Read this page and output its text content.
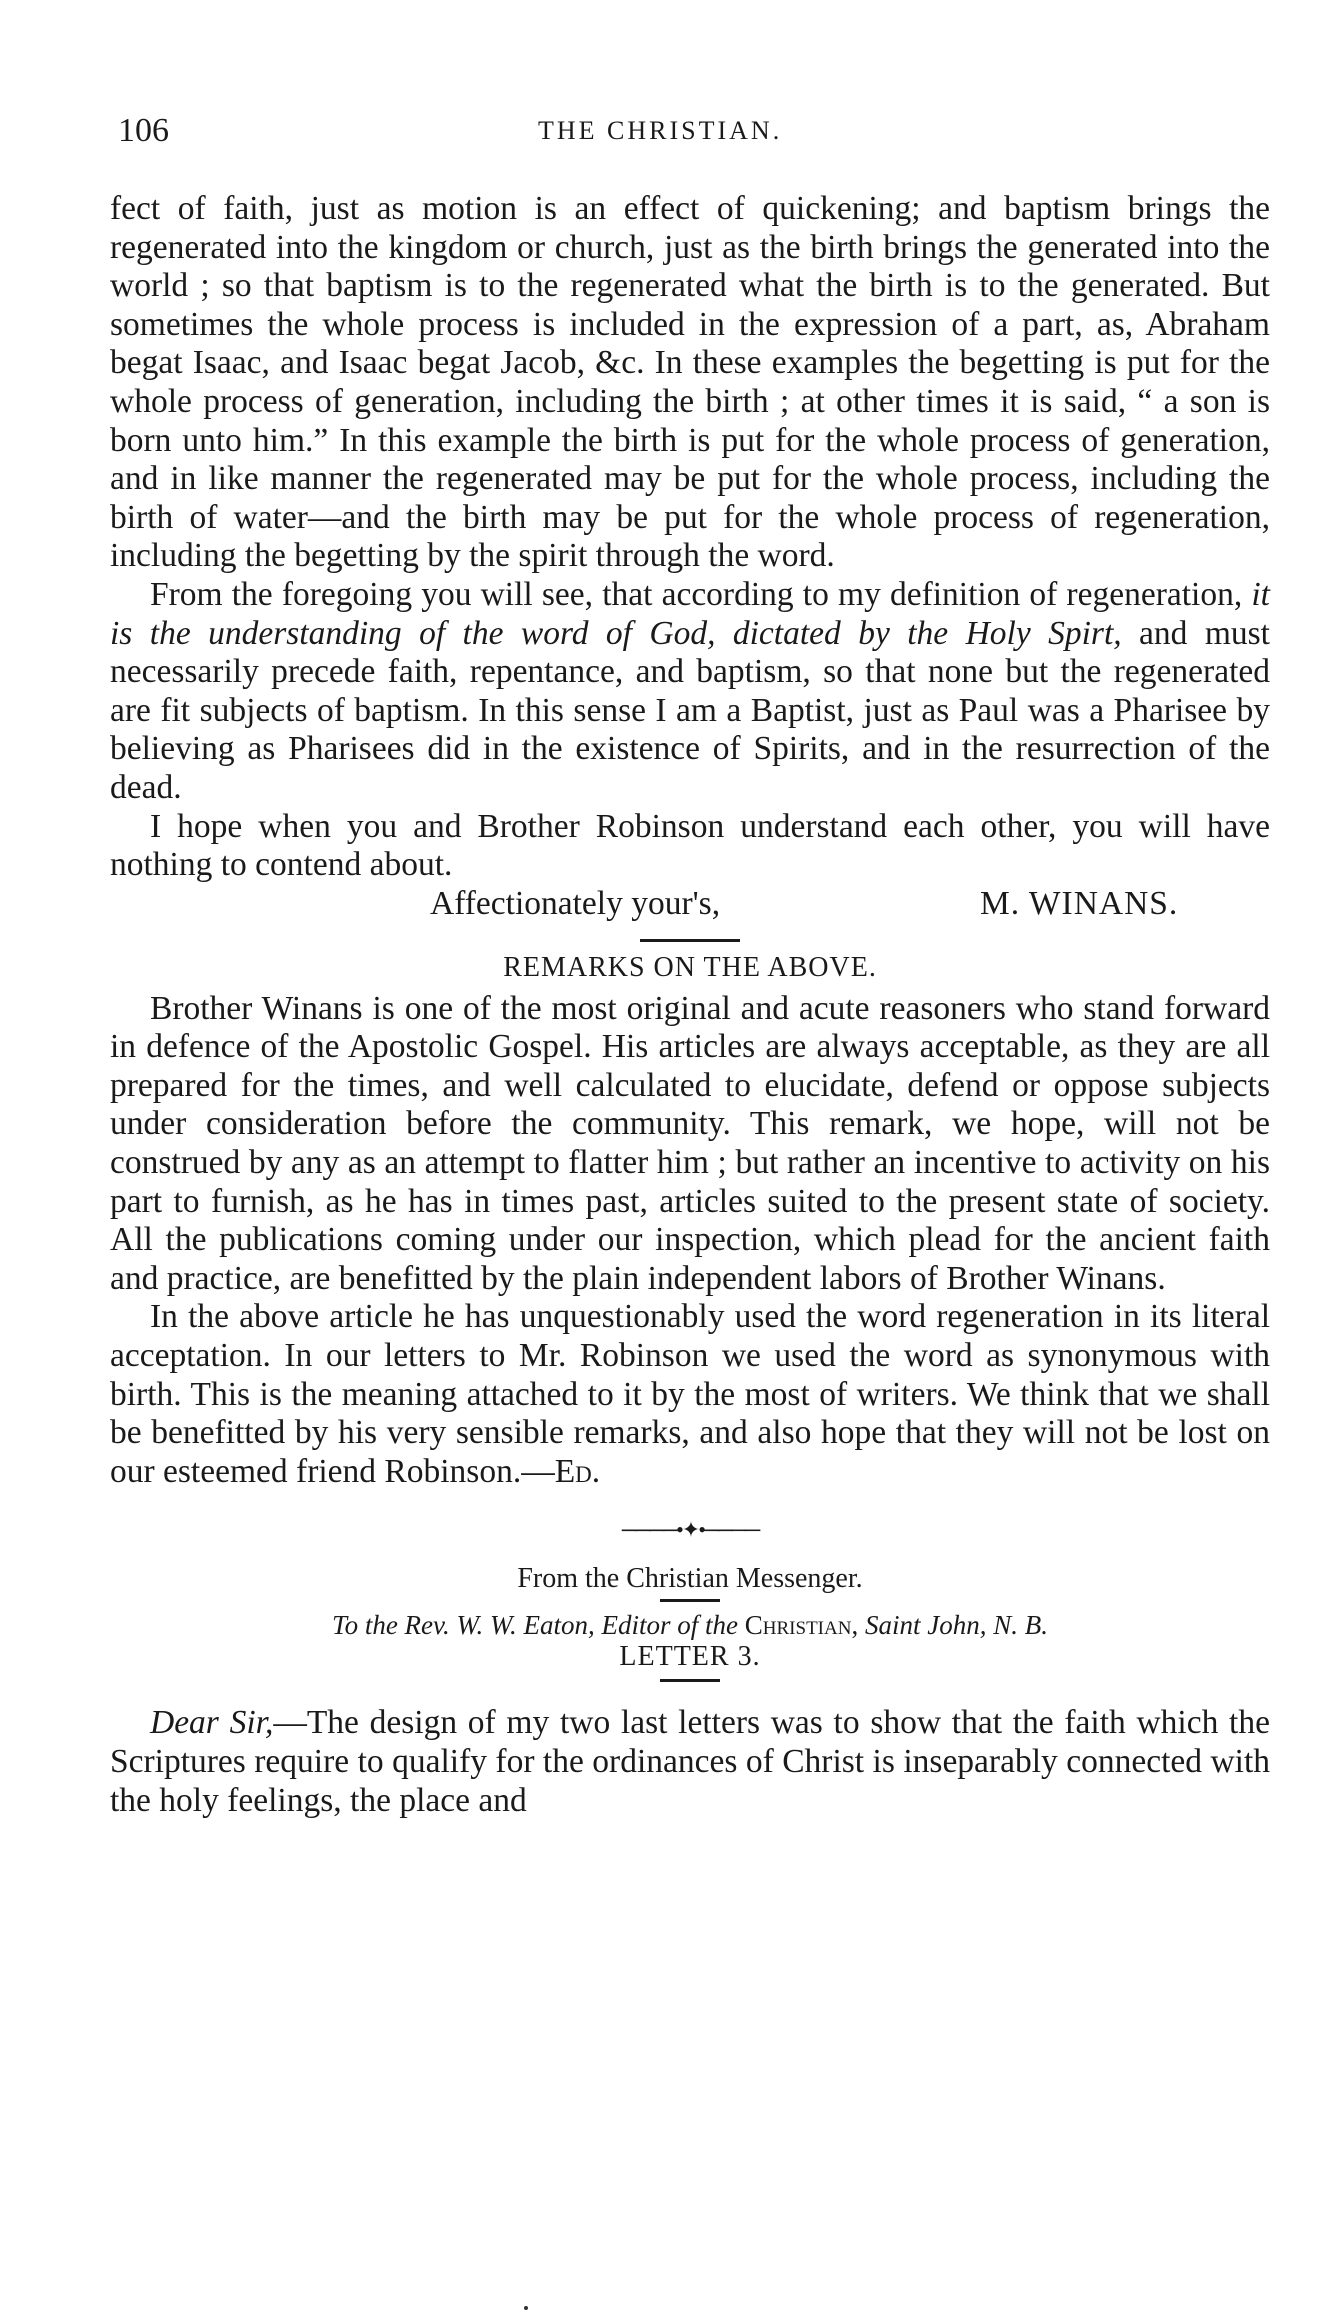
106	THE CHRISTIAN.

fect of faith, just as motion is an effect of quickening; and baptism brings the regenerated into the kingdom or church, just as the birth brings the generated into the world ; so that baptism is to the regenerated what the birth is to the generated. But sometimes the whole process is included in the expression of a part, as, Abraham begat Isaac, and Isaac begat Jacob, &c. In these examples the begetting is put for the whole process of generation, including the birth ; at other times it is said, “ a son is born unto him.” In this example the birth is put for the whole process of generation, and in like manner the regenerated may be put for the whole process, including the birth of water—and the birth may be put for the whole process of regeneration, including the begetting by the spirit through the word.

From the foregoing you will see, that according to my definition of regeneration, it is the understanding of the word of God, dictated by the Holy Spirt, and must necessarily precede faith, repentance, and baptism, so that none but the regenerated are fit subjects of baptism. In this sense I am a Baptist, just as Paul was a Pharisee by believing as Pharisees did in the existence of Spirits, and in the resurrection of the dead.

I hope when you and Brother Robinson understand each other, you will have nothing to contend about.

Affectionately your's,	M. WINANS.
REMARKS ON THE ABOVE.

Brother Winans is one of the most original and acute reasoners who stand forward in defence of the Apostolic Gospel. His articles are always acceptable, as they are all prepared for the times, and well calculated to elucidate, defend or oppose subjects under consideration before the community. This remark, we hope, will not be construed by any as an attempt to flatter him ; but rather an incentive to activity on his part to furnish, as he has in times past, articles suited to the present state of society. All the publications coming under our inspection, which plead for the ancient faith and practice, are benefitted by the plain independent labors of Brother Winans.

In the above article he has unquestionably used the word regeneration in its literal acceptation. In our letters to Mr. Robinson we used the word as synonymous with birth. This is the meaning attached to it by the most of writers. We think that we shall be benefitted by his very sensible remarks, and also hope that they will not be lost on our esteemed friend Robinson.—Ed.

────•✦•────
From the Christian Messenger.
To the Rev. W. W. Eaton, Editor of the Christian, Saint John, N. B.
LETTER 3.

Dear Sir,—The design of my two last letters was to show that the faith which the Scriptures require to qualify for the ordinances of Christ is inseparably connected with the holy feelings, the place and
